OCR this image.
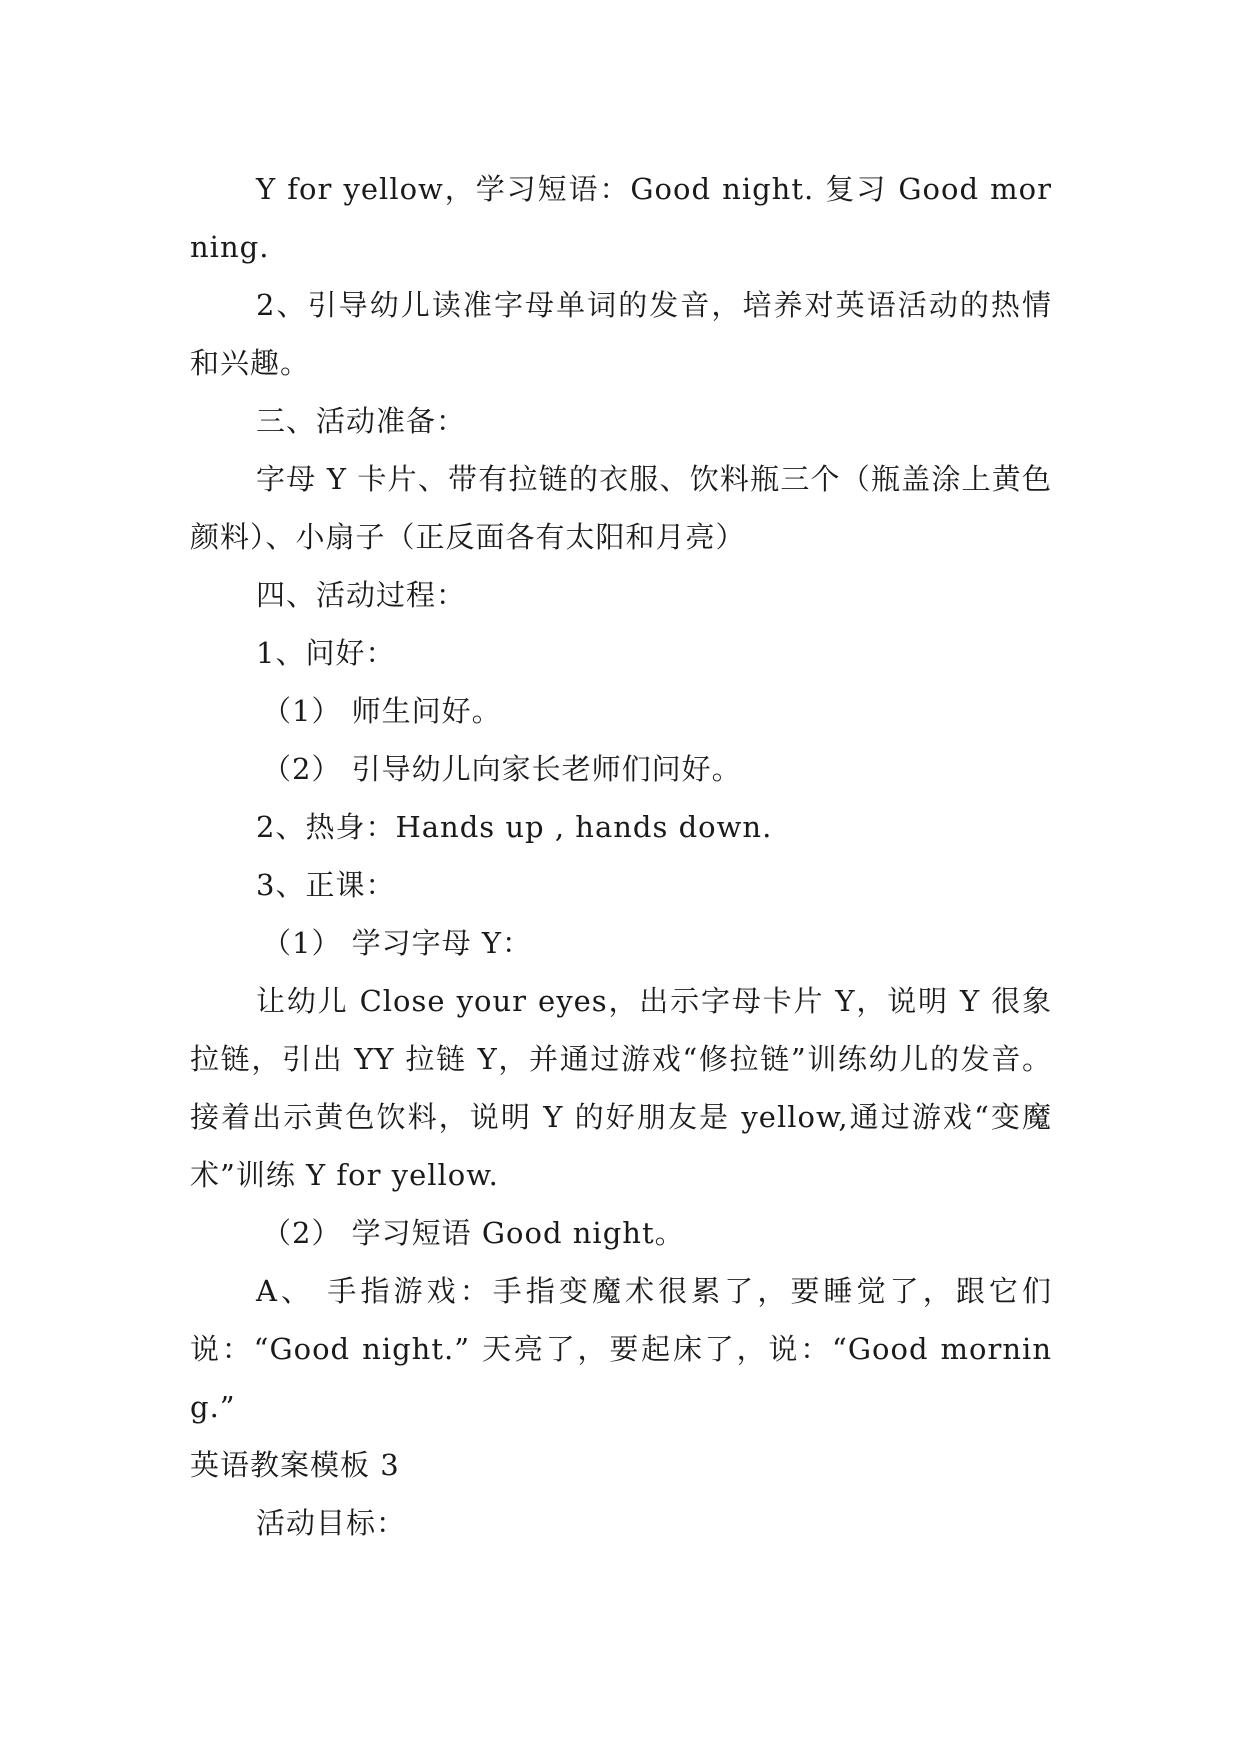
Y for yellow，学习短语：Good night. 复习 Good morning.

2、引导幼儿读准字母单词的发音，培养对英语活动的热情和兴趣。

三、活动准备：

字母 Y 卡片、带有拉链的衣服、饮料瓶三个（瓶盖涂上黄色颜料）、小扇子（正反面各有太阳和月亮）

四、活动过程：

1、问好：

（1） 师生问好。

（2） 引导幼儿向家长老师们问好。

2、热身：Hands up , hands down.

3、正课：

（1） 学习字母 Y：

让幼儿 Close your eyes，出示字母卡片 Y，说明 Y 很象拉链，引出 YY 拉链 Y，并通过游戏“修拉链”训练幼儿的发音。接着出示黄色饮料，说明 Y 的好朋友是 yellow,通过游戏“变魔术”训练 Y for yellow.

（2） 学习短语 Good night。

A、 手指游戏：手指变魔术很累了，要睡觉了，跟它们说：“Good night.” 天亮了，要起床了，说：“Good morning.”

英语教案模板 3

活动目标：
